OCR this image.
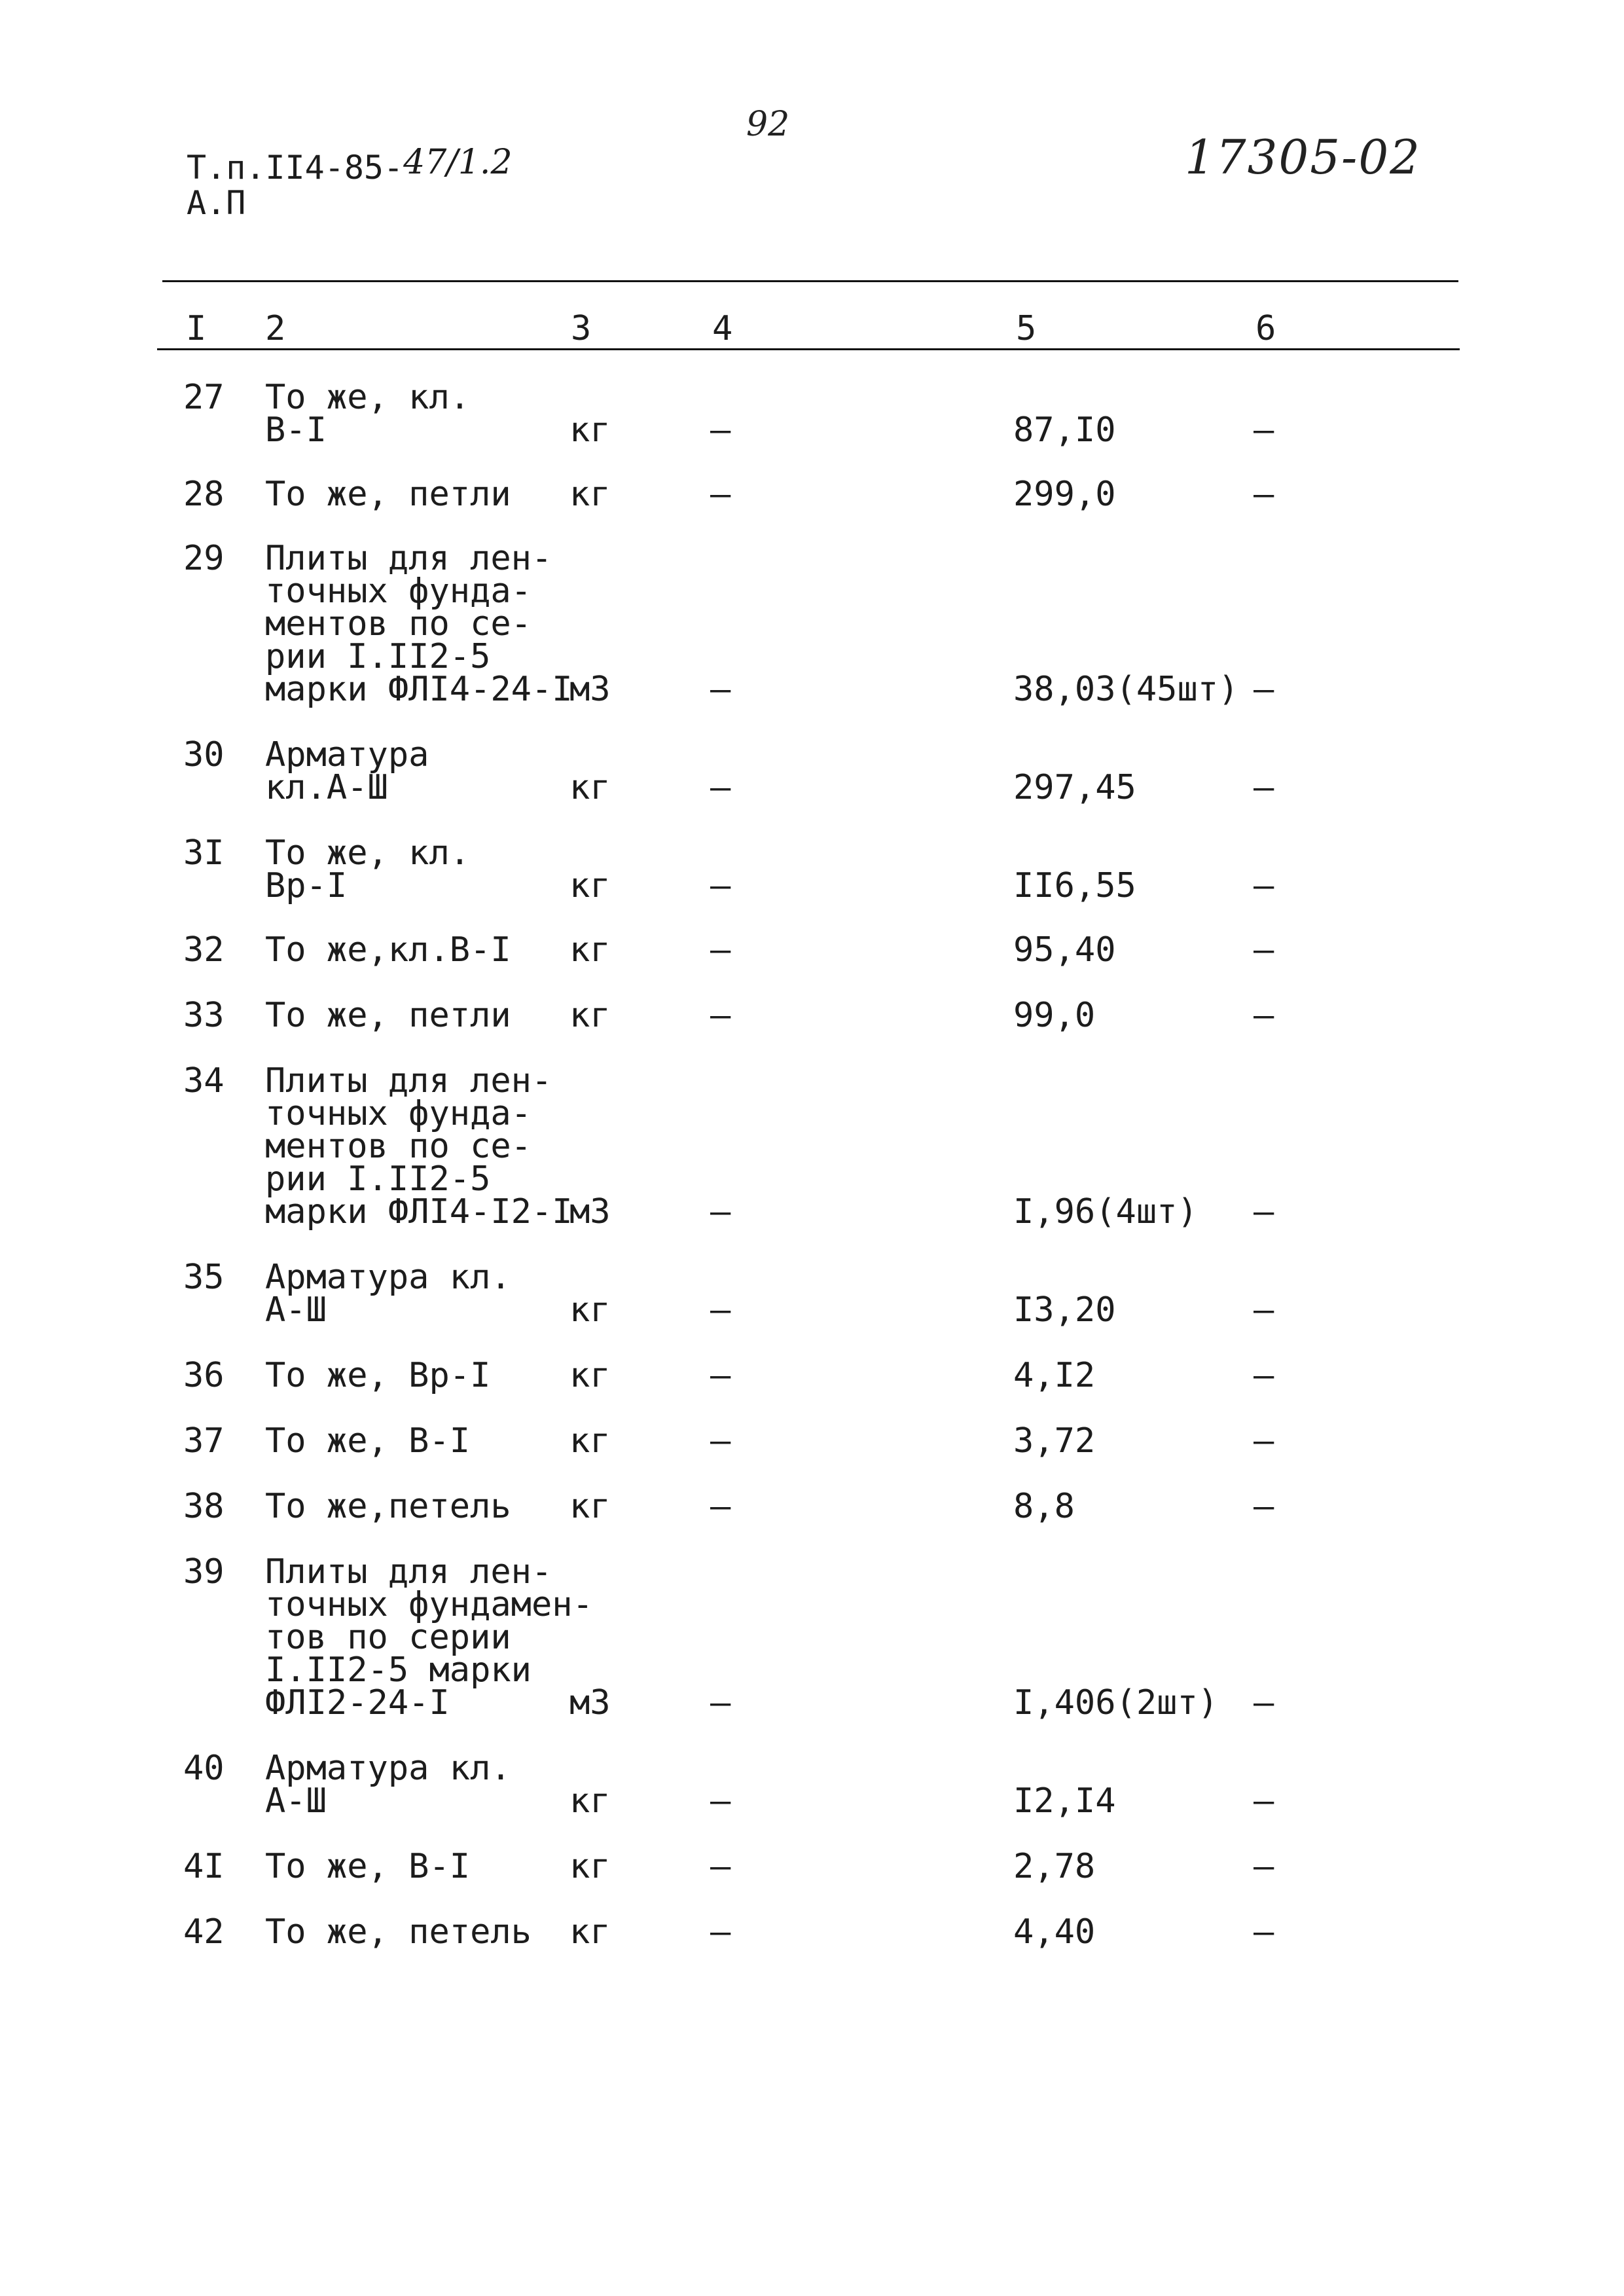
Т.п.II4-85-47/1.2
А.П
92
17305-02
I 2	3	4	5	6
27 То же, кл.
В-I	кг	–	87,I0	–
28 То же, петли кг	–	299,0	–
29 Плиты для лен-
точных фунда-
ментов по се-
рии I.II2-5
марки ФЛI4-24-I
м3	–	38,03(45шт) –
30 Арматура
кл.А-Ш	кг	–	297,45	–
3I То же, кл.
Вр-I	кг	–	II6,55	–
32 То же,кл.В-I кг	–	95,40	–
33 То же, петли кг	–	99,0	–
34 Плиты для лен-
точных фунда-
ментов по се-
рии I.II2-5
марки ФЛI4-I2-I
м3	–	I,96(4шт) –
35 Арматура кл.
А-Ш	кг	–	I3,20	–
36 То же, Вр-I кг	–	4,I2	–
37 То же, В-I	кг	–	3,72	–
38 То же,петель кг	–	8,8	–
39 Плиты для лен-
точных фундамен-
тов по серии
I.II2-5 марки
ФЛI2-24-I	м3	–	I,406(2шт) –
40 Арматура кл.
А-Ш	кг	–	I2,I4	–
4I То же, В-I	кг	–	2,78	–
42 То же, петель кг	–	4,40	–
